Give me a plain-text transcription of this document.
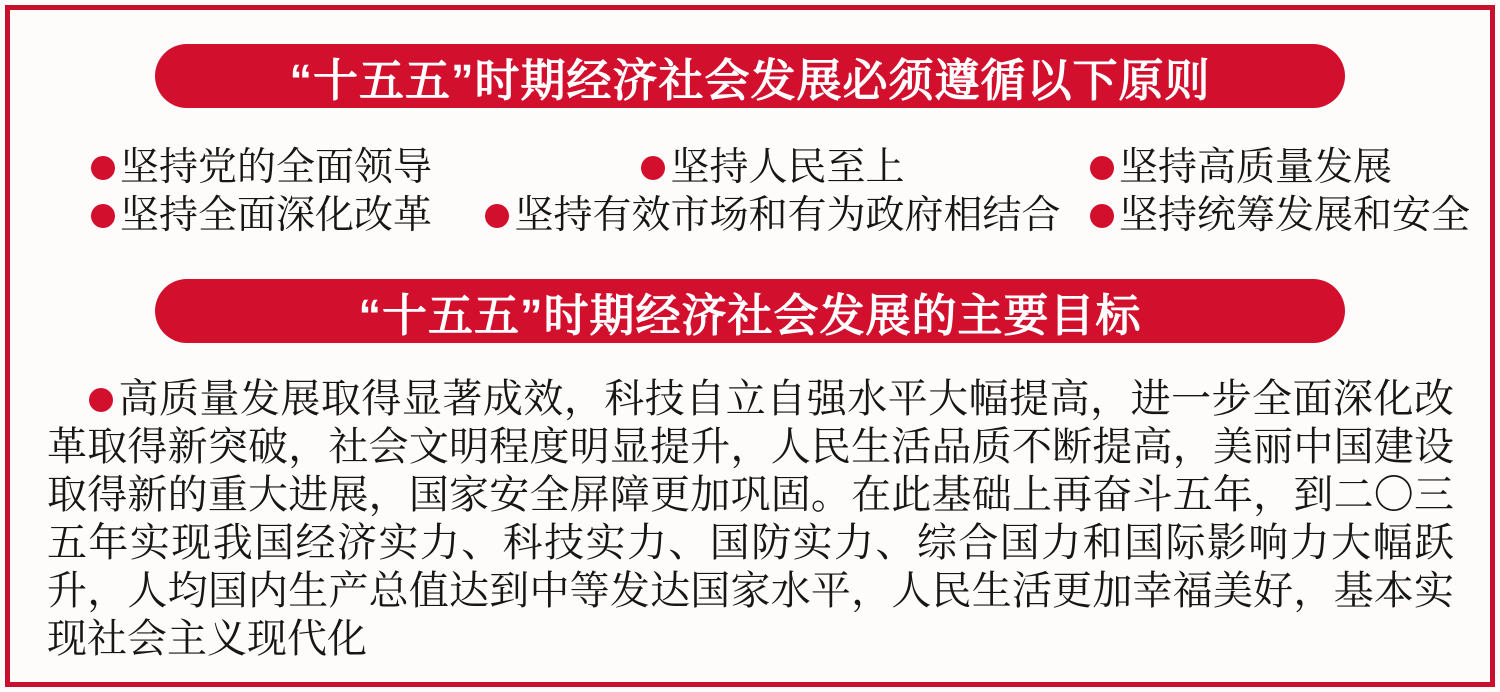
“十五五”时期经济社会发展必须遵循以下原则
坚持党的全面领导	坚持人民至上	坚持高质量发展
坚持全面深化改革	坚持有效市场和有为政府相结合	坚持统筹发展和安全
“十五五”时期经济社会发展的主要目标

高质量发展取得显著成效，科技自立自强水平大幅提高，进一步全面深化改革取得新突破，社会文明程度明显提升，人民生活品质不断提高，美丽中国建设取得新的重大进展，国家安全屏障更加巩固。在此基础上再奋斗五年，到二〇三五年实现我国经济实力、科技实力、国防实力、综合国力和国际影响力大幅跃升，人均国内生产总值达到中等发达国家水平，人民生活更加幸福美好，基本实现社会主义现代化
